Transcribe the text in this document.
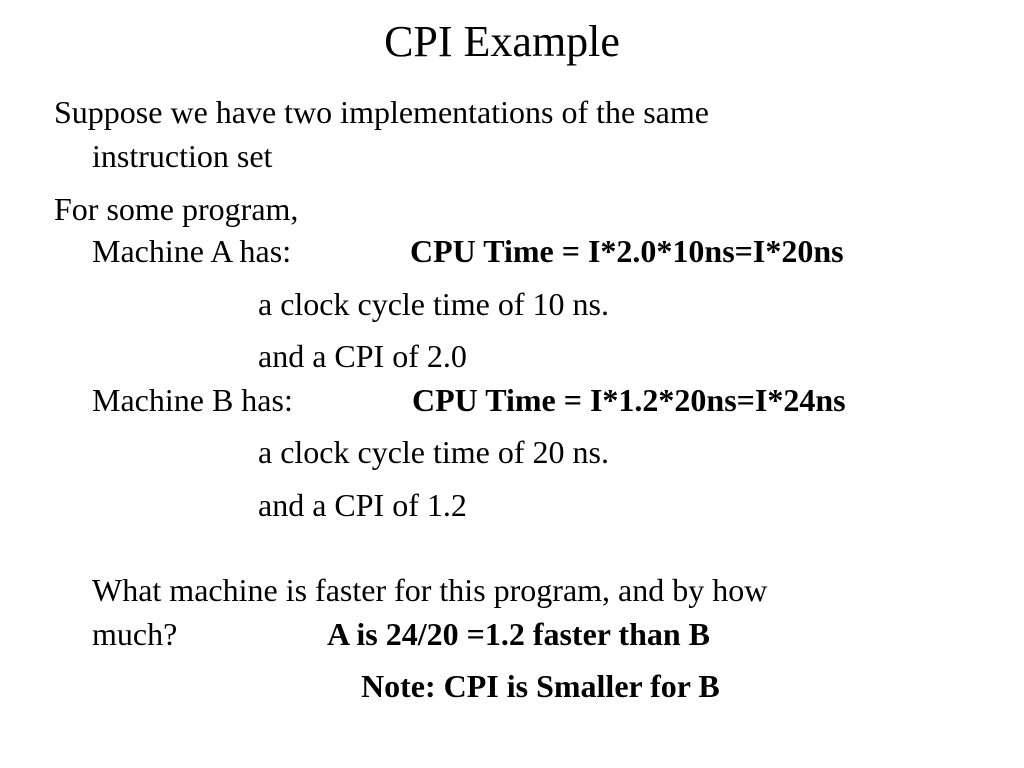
CPI Example
Suppose we have two implementations of the same
instruction set
For some program,
Machine A has:	CPU Time = I*2.0*10ns=I*20ns
a clock cycle time of 10 ns.
and a CPI of 2.0
Machine B has:	CPU Time = I*1.2*20ns=I*24ns
a clock cycle time of 20 ns.
and a CPI of 1.2
What machine is faster for this program, and by how
much?	A is 24/20 =1.2 faster than B
Note: CPI is Smaller for B
